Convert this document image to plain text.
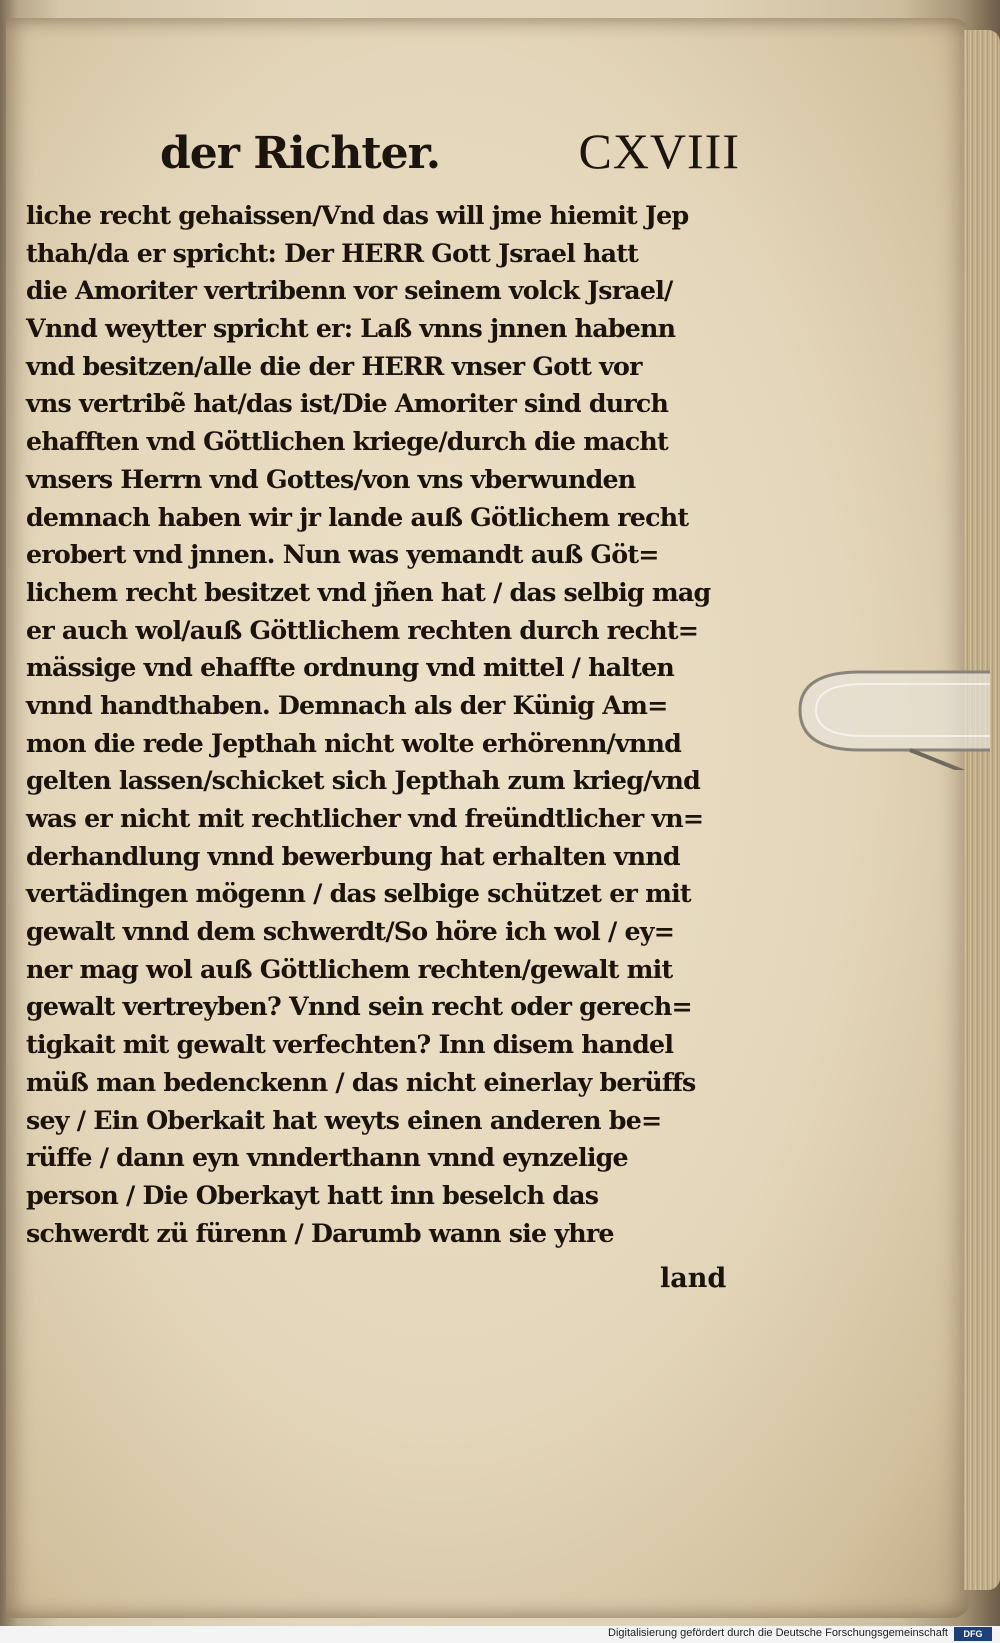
der Richter.	CXVIII
liche recht gehaissen/Vnd das will jme hiemit Jep
thah/da er spricht: Der HERR Gott Jsrael hatt
die Amoriter vertribenn vor seinem volck Jsrael/
Vnnd weytter spricht er: Laß vnns jnnen habenn
vnd besitzen/alle die der HERR vnser Gott vor
vns vertribẽ hat/das ist/Die Amoriter sind durch
ehafften vnd Göttlichen kriege/durch die macht
vnsers Herrn vnd Gottes/von vns vberwunden
demnach haben wir jr lande auß Götlichem recht
erobert vnd jnnen. Nun was yemandt auß Göt=
lichem recht besitzet vnd jñen hat / das selbig mag
er auch wol/auß Göttlichem rechten durch recht=
mässige vnd ehaffte ordnung vnd mittel / halten
vnnd handthaben. Demnach als der Künig Am=
mon die rede Jepthah nicht wolte erhörenn/vnnd
gelten lassen/schicket sich Jepthah zum krieg/vnd
was er nicht mit rechtlicher vnd freündtlicher vn=
derhandlung vnnd bewerbung hat erhalten vnnd
vertädingen mögenn / das selbige schützet er mit
gewalt vnnd dem schwerdt/So höre ich wol / ey=
ner mag wol auß Göttlichem rechten/gewalt mit
gewalt vertreyben? Vnnd sein recht oder gerech=
tigkait mit gewalt verfechten? Inn disem handel
müß man bedenckenn / das nicht einerlay berüffs
sey / Ein Oberkait hat weyts einen anderen be=
rüffe / dann eyn vnnderthann vnnd eynzelige
person / Die Oberkayt hatt inn beselch das
schwerdt zü fürenn / Darumb wann sie yhre
land
Digitalisierung gefördert durch die Deutsche Forschungsgemeinschaft	DFG
